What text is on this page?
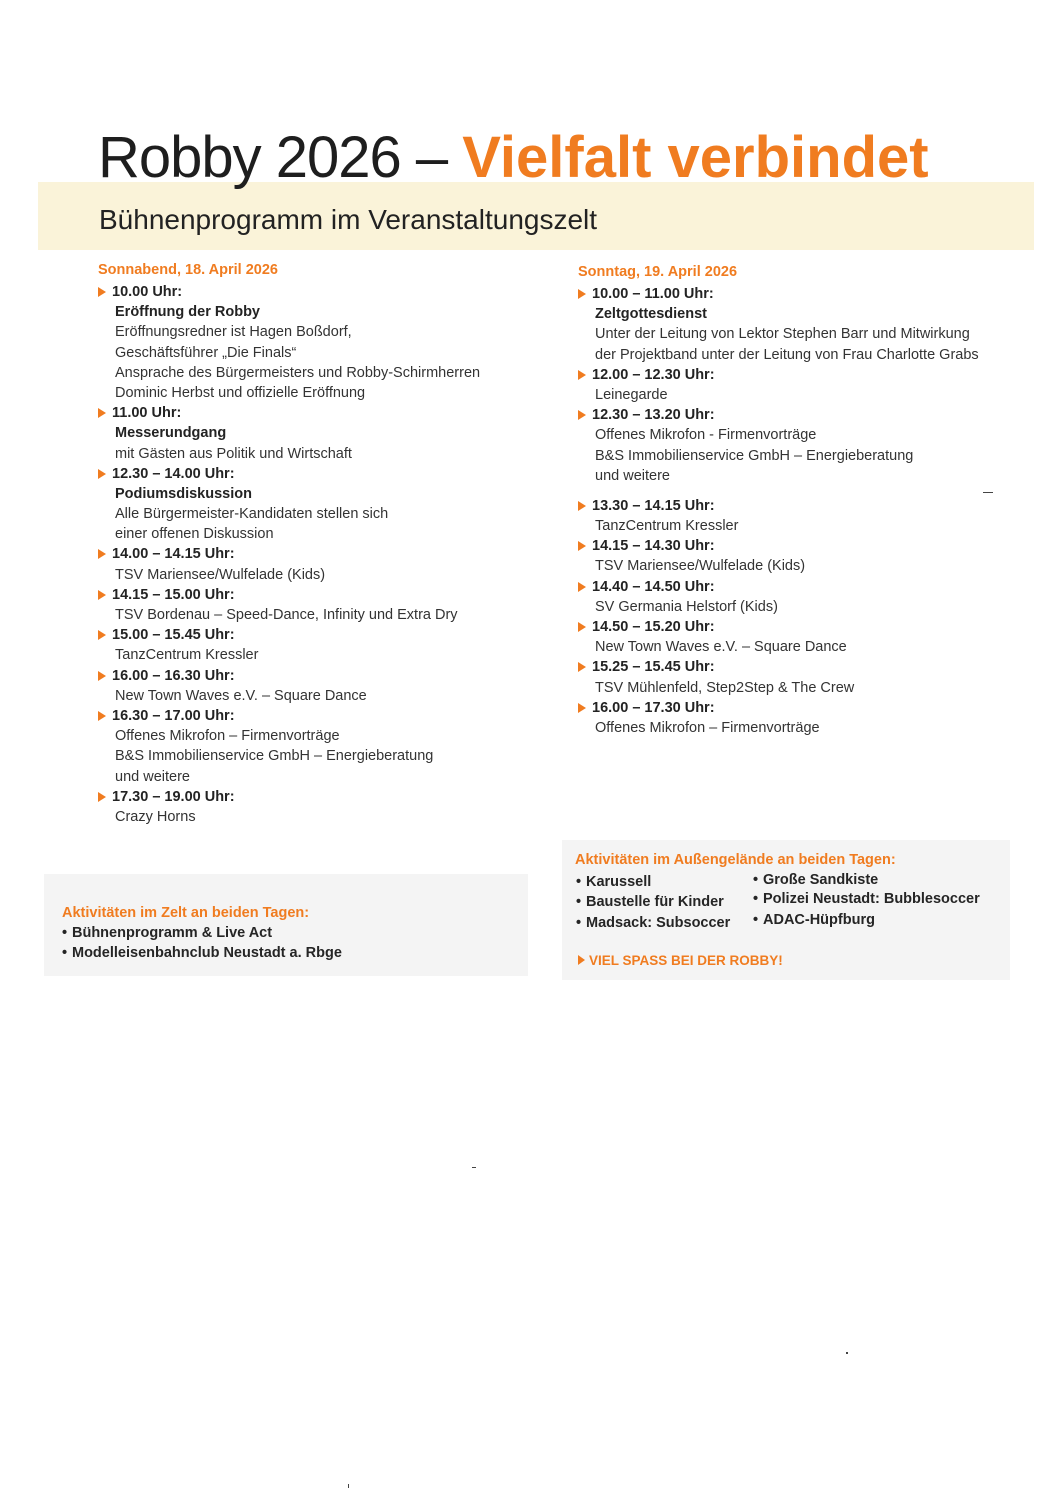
Robby 2026 – Vielfalt verbindet
Bühnenprogramm im Veranstaltungszelt
Sonnabend, 18. April 2026
10.00 Uhr:
Eröffnung der Robby
Eröffnungsredner ist Hagen Boßdorf,
Geschäftsführer „Die Finals“
Ansprache des Bürgermeisters und Robby-Schirmherren
Dominic Herbst und offizielle Eröffnung
11.00 Uhr:
Messerundgang
mit Gästen aus Politik und Wirtschaft
12.30 – 14.00 Uhr:
Podiumsdiskussion
Alle Bürgermeister-Kandidaten stellen sich
einer offenen Diskussion
14.00 – 14.15 Uhr:
TSV Mariensee/Wulfelade (Kids)
14.15 – 15.00 Uhr:
TSV Bordenau – Speed-Dance, Infinity und Extra Dry
15.00 – 15.45 Uhr:
TanzCentrum Kressler
16.00 – 16.30 Uhr:
New Town Waves e.V. – Square Dance
16.30 – 17.00 Uhr:
Offenes Mikrofon – Firmenvorträge
B&S Immobilienservice GmbH – Energieberatung
und weitere
17.30 – 19.00 Uhr:
Crazy Horns
Sonntag, 19. April 2026
10.00 – 11.00 Uhr:
Zeltgottesdienst
Unter der Leitung von Lektor Stephen Barr und Mitwirkung
der Projektband unter der Leitung von Frau Charlotte Grabs
12.00 – 12.30 Uhr:
Leinegarde
12.30 – 13.20 Uhr:
Offenes Mikrofon - Firmenvorträge
B&S Immobilienservice GmbH – Energieberatung
und weitere
13.30 – 14.15 Uhr:
TanzCentrum Kressler
14.15 – 14.30 Uhr:
TSV Mariensee/Wulfelade (Kids)
14.40 – 14.50 Uhr:
SV Germania Helstorf (Kids)
14.50 – 15.20 Uhr:
New Town Waves e.V. – Square Dance
15.25 – 15.45 Uhr:
TSV Mühlenfeld, Step2Step & The Crew
16.00 – 17.30 Uhr:
Offenes Mikrofon – Firmenvorträge
Aktivitäten im Zelt an beiden Tagen:
• Bühnenprogramm & Live Act
• Modelleisenbahnclub Neustadt a. Rbge
Aktivitäten im Außengelände an beiden Tagen:
• Karussell
• Baustelle für Kinder
• Madsack: Subsoccer
• Große Sandkiste
• Polizei Neustadt: Bubblesoccer
• ADAC-Hüpfburg
VIEL SPASS BEI DER ROBBY!
